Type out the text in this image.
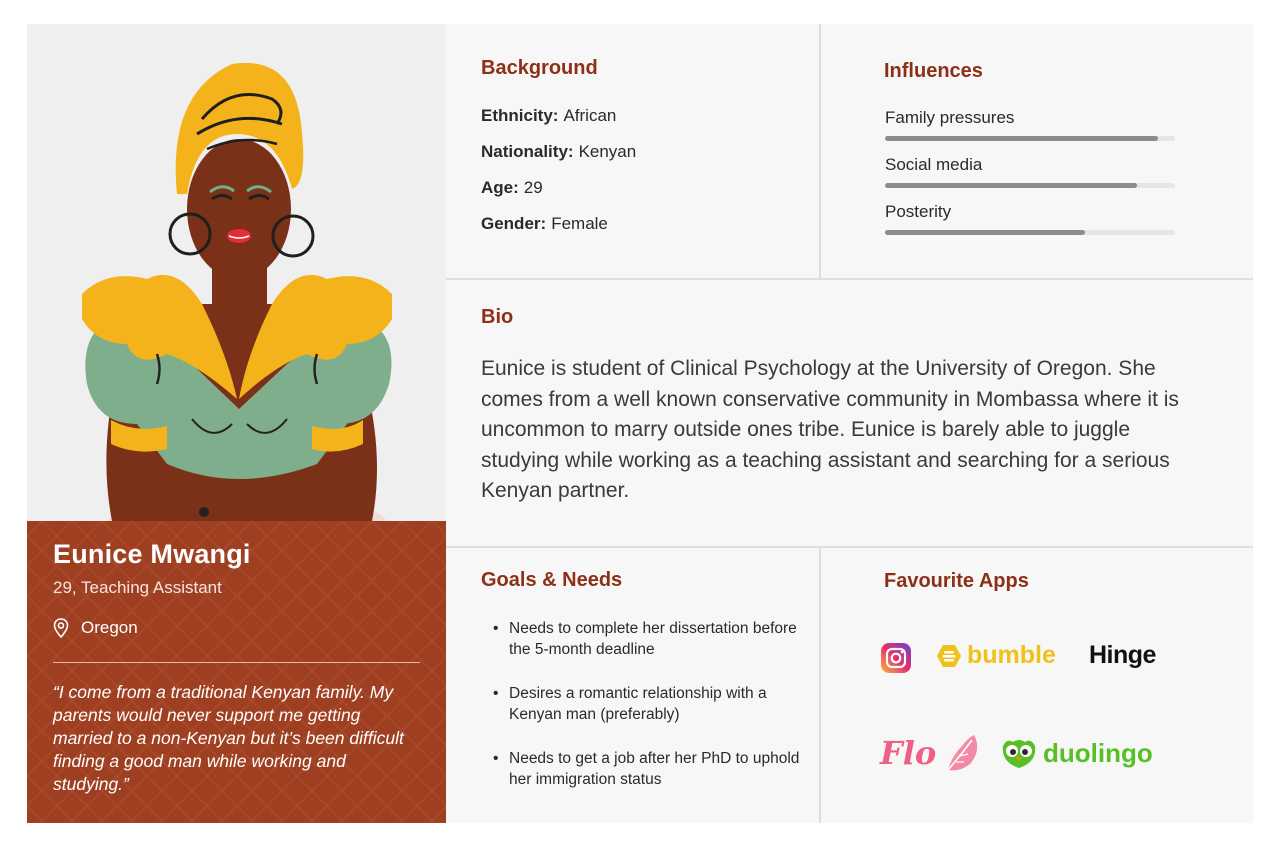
Eunice Mwangi
29, Teaching Assistant
Oregon
“I come from a traditional Kenyan family. My parents would never support me getting married to a non-Kenyan but it’s been difficult finding a good man while working and studying.”
Background
Ethnicity: African
Nationality: Kenyan
Age: 29
Gender: Female
Influences
Family pressures
Social media
Posterity
Bio

Eunice is student of Clinical Psychology at the University of Oregon. She comes from a well known conservative community in Mombassa where it is uncommon to marry outside ones tribe. Eunice is barely able to juggle studying while working as a teaching assistant and searching for a serious Kenyan partner.

Goals & Needs
• Needs to complete her dissertation before the 5-month deadline
• Desires a romantic relationship with a Kenyan man (preferably)
• Needs to get a job after her PhD to uphold her immigration status
Favourite Apps
bumble Hinge
Flo	duolingo
